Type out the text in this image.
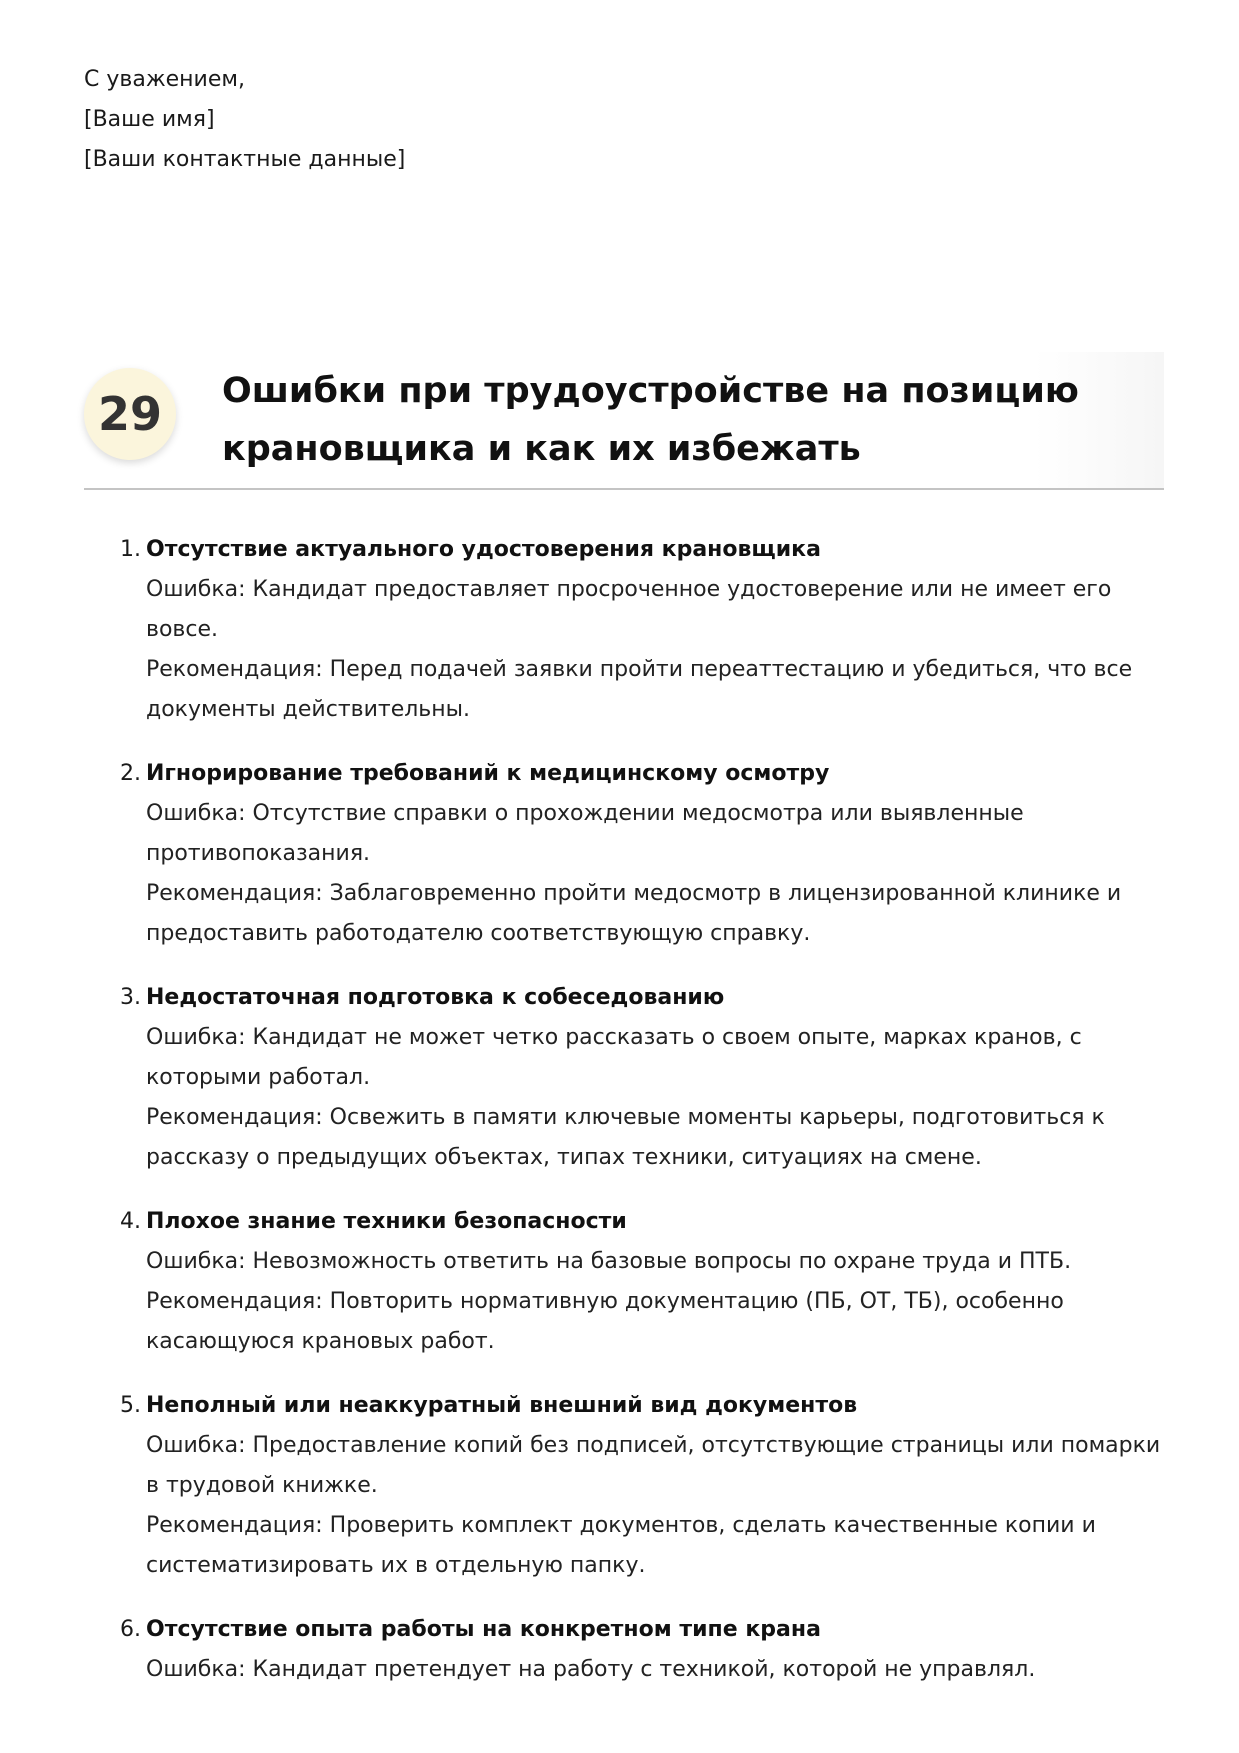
С уважением,
[Ваше имя]
[Ваши контактные данные]
29	Ошибки при трудоустройстве на позицию крановщика и как их избежать
1. Отсутствие актуального удостоверения крановщика
Ошибка: Кандидат предоставляет просроченное удостоверение или не имеет его вовсе.
Рекомендация: Перед подачей заявки пройти переаттестацию и убедиться, что все документы действительны.
2. Игнорирование требований к медицинскому осмотру
Ошибка: Отсутствие справки о прохождении медосмотра или выявленные противопоказания.
Рекомендация: Заблаговременно пройти медосмотр в лицензированной клинике и предоставить работодателю соответствующую справку.
3. Недостаточная подготовка к собеседованию
Ошибка: Кандидат не может четко рассказать о своем опыте, марках кранов, с которыми работал.
Рекомендация: Освежить в памяти ключевые моменты карьеры, подготовиться к рассказу о предыдущих объектах, типах техники, ситуациях на смене.
4. Плохое знание техники безопасности
Ошибка: Невозможность ответить на базовые вопросы по охране труда и ПТБ.
Рекомендация: Повторить нормативную документацию (ПБ, ОТ, ТБ), особенно касающуюся крановых работ.
5. Неполный или неаккуратный внешний вид документов
Ошибка: Предоставление копий без подписей, отсутствующие страницы или помарки в трудовой книжке.
Рекомендация: Проверить комплект документов, сделать качественные копии и систематизировать их в отдельную папку.
6. Отсутствие опыта работы на конкретном типе крана
Ошибка: Кандидат претендует на работу с техникой, которой не управлял.
